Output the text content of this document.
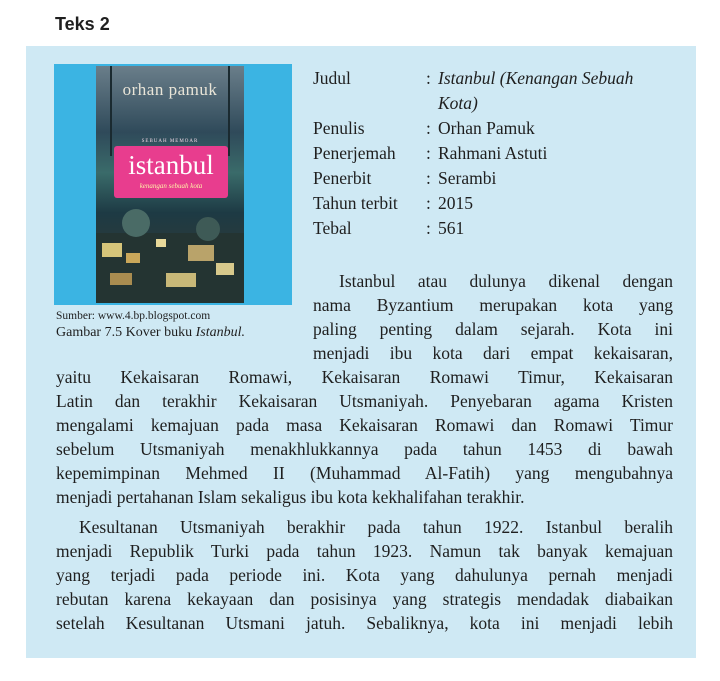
Teks 2
orhan pamuk
SEBUAH MEMOAR
istanbul
kenangan sebuah kota
Sumber: www.4.bp.blogspot.com
Gambar 7.5 Kover buku Istanbul.
Judul	: Istanbul (Kenangan Sebuah
Kota)
Penulis	: Orhan Pamuk
Penerjemah	: Rahmani Astuti
Penerbit	: Serambi
Tahun terbit	: 2015
Tebal	: 561
Istanbul atau dulunya dikenal dengan
nama Byzantium merupakan kota yang
paling penting dalam sejarah. Kota ini
menjadi ibu kota dari empat kekaisaran,
yaitu Kekaisaran Romawi, Kekaisaran Romawi Timur, Kekaisaran
Latin dan terakhir Kekaisaran Utsmaniyah. Penyebaran agama Kristen
mengalami kemajuan pada masa Kekaisaran Romawi dan Romawi Timur
sebelum Utsmaniyah menakhlukkannya pada tahun 1453 di bawah
kepemimpinan Mehmed II (Muhammad Al-Fatih) yang mengubahnya
menjadi pertahanan Islam sekaligus ibu kota kekhalifahan terakhir.
Kesultanan Utsmaniyah berakhir pada tahun 1922. Istanbul beralih
menjadi Republik Turki pada tahun 1923. Namun tak banyak kemajuan
yang terjadi pada periode ini. Kota yang dahulunya pernah menjadi
rebutan karena kekayaan dan posisinya yang strategis mendadak diabaikan
setelah Kesultanan Utsmani jatuh. Sebaliknya, kota ini menjadi lebih
